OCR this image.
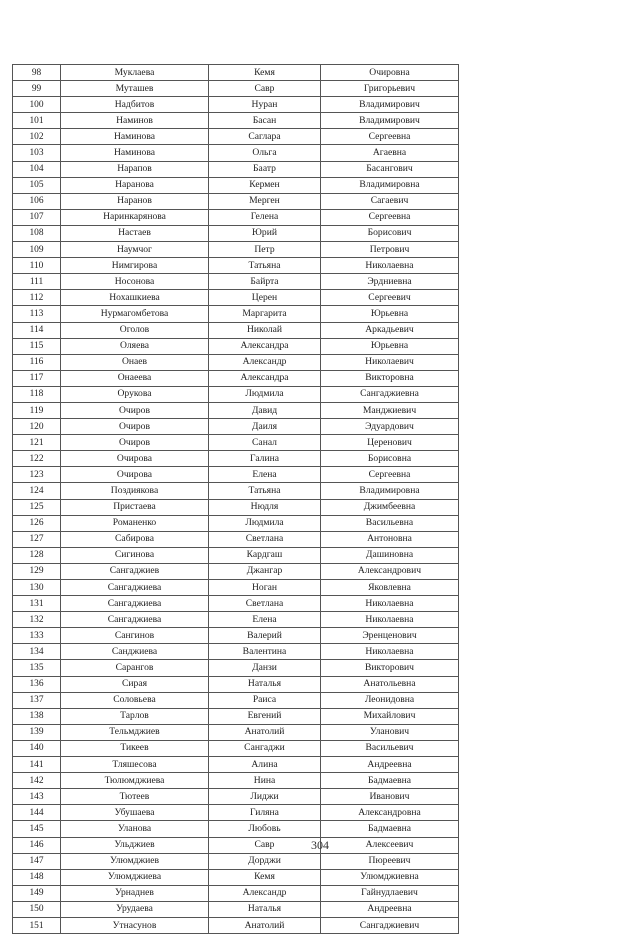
98	Муклаева	Кемя	Очировна
99	Муташев	Савр	Григорьевич
100	Надбитов	Нуран	Владимирович
101	Наминов	Басан	Владимирович
102	Наминова	Саглара	Сергеевна
103	Наминова	Ольга	Агаевна
104	Нарапов	Баатр	Басангович
105	Наранова	Кермен	Владимировна
106	Наранов	Мерген	Сагаевич
107	Наринкарянова	Геленa	Сергеевна
108	Настаев	Юрий	Борисович
109	Наумчог	Петр	Петрович
110	Нимгирова	Татьяна	Николаевна
111	Носонова	Байрта	Эрдниевна
112	Нохашкиева	Церен	Сергеевич
113	Нурмагомбетова	Маргарита	Юрьевна
114	Оголов	Николай	Аркадьевич
115	Оляева	Александра	Юрьевна
116	Онаев	Александр	Николаевич
117	Онаеева	Александра	Викторовна
118	Орукова	Людмила	Сангаджиевна
119	Очиров	Давид	Манджиевич
120	Очиров	Даиля	Эдуардович
121	Очиров	Санал	Церенович
122	Очирова	Галина	Борисовна
123	Очирова	Елена	Сергеевна
124	Поздиякова	Татьяна	Владимировна
125	Пристаева	Нюдля	Джимбеевна
126	Романенко	Людмила	Васильевна
127	Сабирова	Светлана	Антоновна
128	Сигинова	Кардгаш	Дашиновна
129	Сангаджиев	Джангар	Александрович
130	Сангаджиева	Ноган	Яковлевна
131	Сангаджиева	Светлана	Николаевна
132	Сангаджиева	Елена	Николаевна
133	Сангинов	Валерий	Эренценович
134	Санджиева	Валентина	Николаевна
135	Сарангов	Данзи	Викторович
136	Сирая	Наталья	Анатольевна
137	Соловьева	Раиса	Леонидовна
138	Тарлов	Евгений	Михайлович
139	Тельмджиев	Анатолий	Уланович
140	Тикеев	Сангаджи	Васильевич
141	Тляшесова	Алина	Андреевна
142	Тюлюмджиева	Нина	Бадмаевна
143	Тютеев	Лиджи	Иванович
144	Убушаева	Гиляна	Александровна
145	Уланова	Любовь	Бадмаевна
146	Ульджиев	Савр	Алексеевич
147	Улюмджиев	Дорджи	Пюреевич
148	Улюмджиева	Кемя	Улюмджиевна
149	Урнаднев	Александр	Гайнудлаевич
150	Урудаева	Наталья	Андреевна
151	Утнасунов	Анатолий	Сангаджиевич
304
